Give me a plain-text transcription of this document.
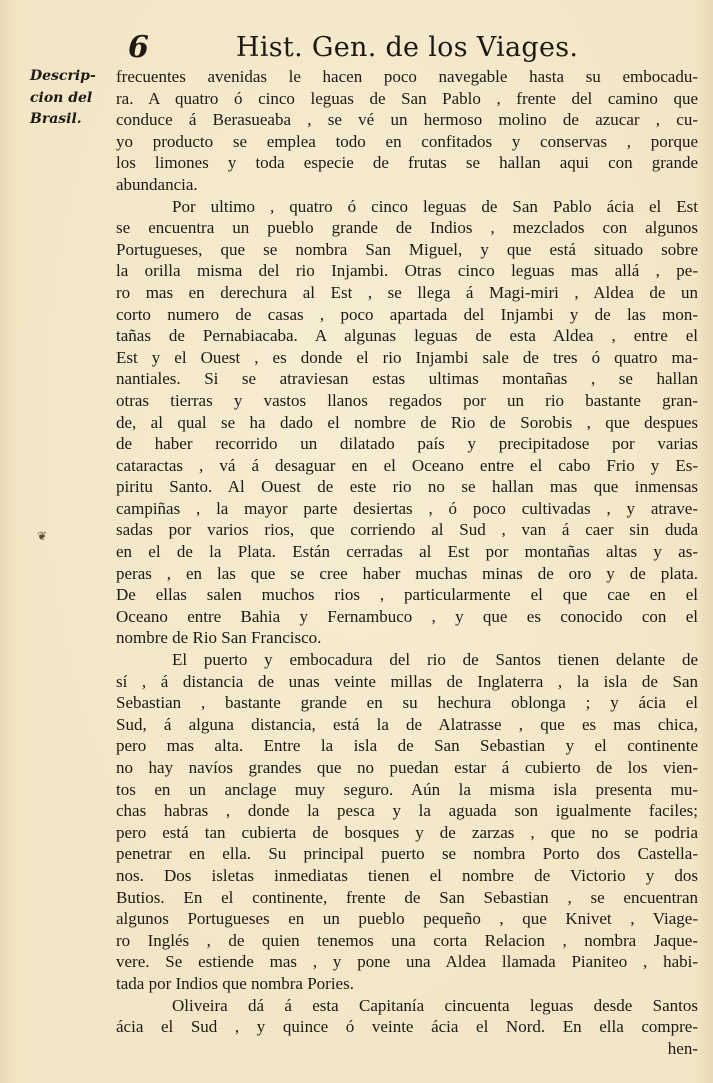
6	Hist. Gen. de los Viages.
Descrip-
cion del
Brasil.
❦
frecuentes avenidas le hacen poco navegable hasta su embocadu-
ra. A quatro ó cinco leguas de San Pablo , frente del camino que
conduce á Berasueaba , se vé un hermoso molino de azucar , cu-
yo producto se emplea todo en confitados y conservas , porque
los limones y toda especie de frutas se hallan aqui con grande
abundancia.
Por ultimo , quatro ó cinco leguas de San Pablo ácia el Est
se encuentra un pueblo grande de Indios , mezclados con algunos
Portugueses, que se nombra San Miguel, y que está situado sobre
la orilla misma del rio Injambi. Otras cinco leguas mas allá , pe-
ro mas en derechura al Est , se llega á Magi-miri , Aldea de un
corto numero de casas , poco apartada del Injambi y de las mon-
tañas de Pernabiacaba. A algunas leguas de esta Aldea , entre el
Est y el Ouest , es donde el rio Injambi sale de tres ó quatro ma-
nantiales. Si se atraviesan estas ultimas montañas , se hallan
otras tierras y vastos llanos regados por un rio bastante gran-
de, al qual se ha dado el nombre de Rio de Sorobis , que despues
de haber recorrido un dilatado país y precipitadose por varias
cataractas , vá á desaguar en el Oceano entre el cabo Frio y Es-
piritu Santo. Al Ouest de este rio no se hallan mas que inmensas
campiñas , la mayor parte desiertas , ó poco cultivadas , y atrave-
sadas por varios rios, que corriendo al Sud , van á caer sin duda
en el de la Plata. Están cerradas al Est por montañas altas y as-
peras , en las que se cree haber muchas minas de oro y de plata.
De ellas salen muchos rios , particularmente el que cae en el
Oceano entre Bahia y Fernambuco , y que es conocido con el
nombre de Rio San Francisco.
El puerto y embocadura del rio de Santos tienen delante de
sí , á distancia de unas veinte millas de Inglaterra , la isla de San
Sebastian , bastante grande en su hechura oblonga ; y ácia el
Sud, á alguna distancia, está la de Alatrasse , que es mas chica,
pero mas alta. Entre la isla de San Sebastian y el continente
no hay navíos grandes que no puedan estar á cubierto de los vien-
tos en un anclage muy seguro. Aún la misma isla presenta mu-
chas habras , donde la pesca y la aguada son igualmente faciles;
pero está tan cubierta de bosques y de zarzas , que no se podria
penetrar en ella. Su principal puerto se nombra Porto dos Castella-
nos. Dos isletas inmediatas tienen el nombre de Victorio y dos
Butios. En el continente, frente de San Sebastian , se encuentran
algunos Portugueses en un pueblo pequeño , que Knivet , Viage-
ro Inglés , de quien tenemos una corta Relacion , nombra Jaque-
vere. Se estiende mas , y pone una Aldea llamada Pianiteo , habi-
tada por Indios que nombra Pories.
Oliveira dá á esta Capitanía cincuenta leguas desde Santos
ácia el Sud , y quince ó veinte ácia el Nord. En ella compre-
hen-
